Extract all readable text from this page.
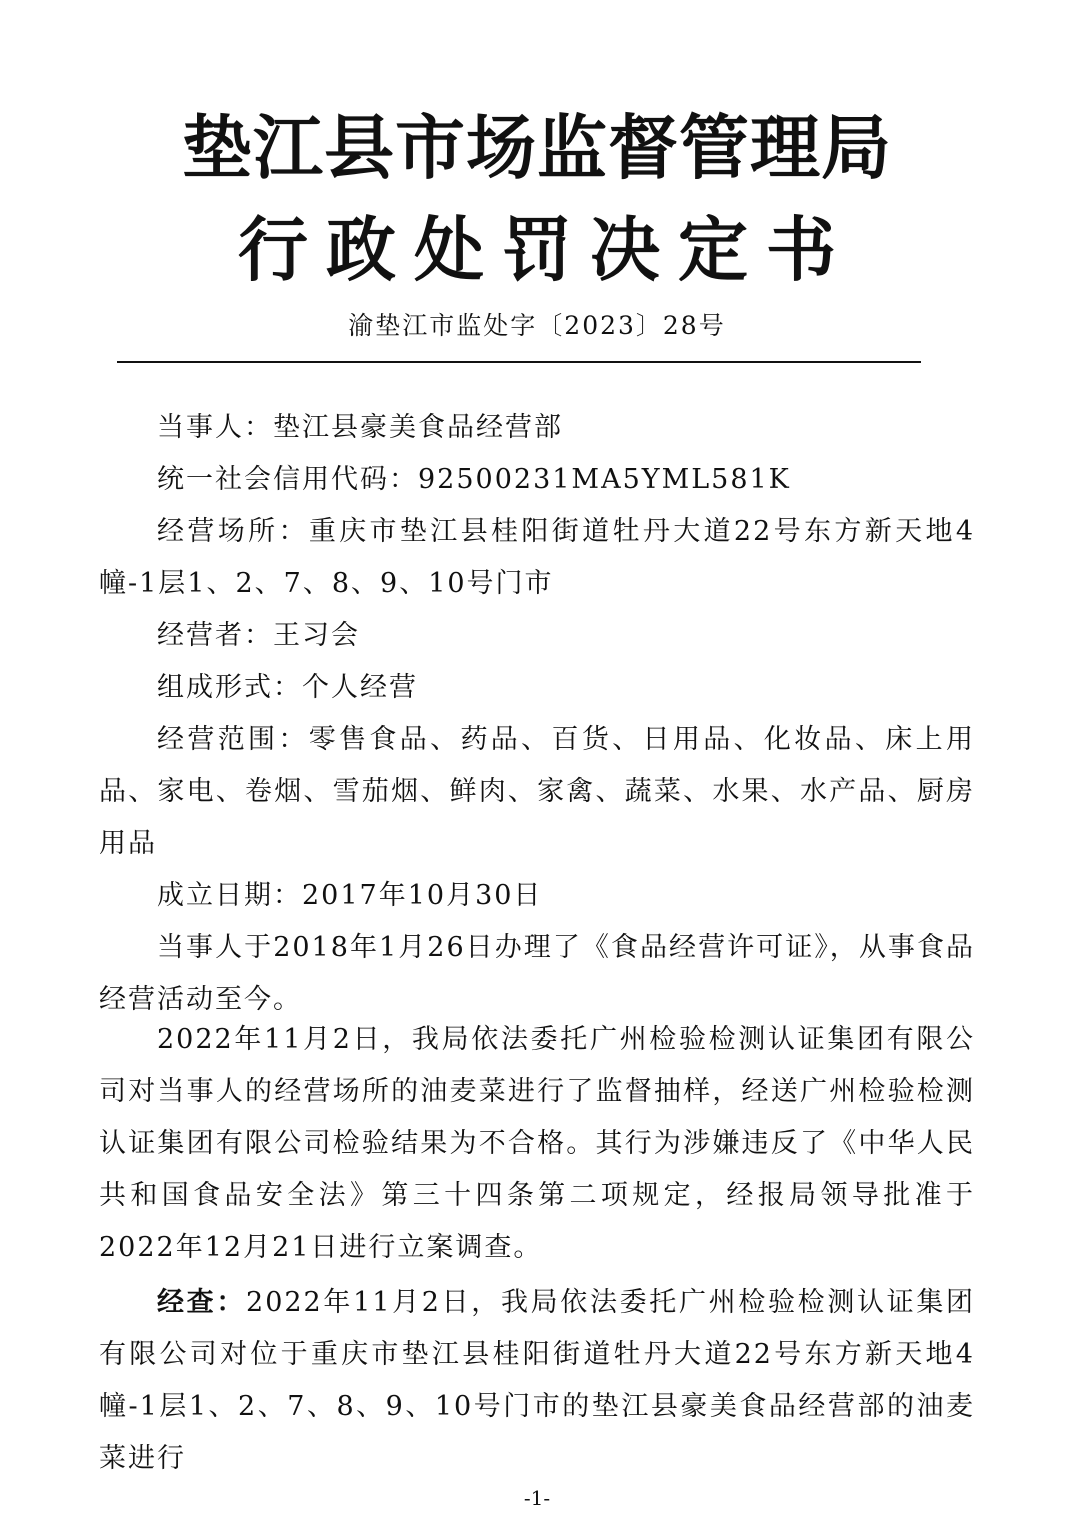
垫江县市场监督管理局
行政处罚决定书
渝垫江市监处字〔2023〕28号

当事人：垫江县豪美食品经营部

统一社会信用代码：92500231MA5YML581K

经营场所：重庆市垫江县桂阳街道牡丹大道22号东方新天地4幢-1层1、2、7、8、9、10号门市

经营者：王习会

组成形式：个人经营

经营范围：零售食品、药品、百货、日用品、化妆品、床上用品、家电、卷烟、雪茄烟、鲜肉、家禽、蔬菜、水果、水产品、厨房用品

成立日期：2017年10月30日

当事人于2018年1月26日办理了《食品经营许可证》，从事食品经营活动至今。

2022年11月2日，我局依法委托广州检验检测认证集团有限公司对当事人的经营场所的油麦菜进行了监督抽样，经送广州检验检测认证集团有限公司检验结果为不合格。其行为涉嫌违反了《中华人民共和国食品安全法》第三十四条第二项规定，经报局领导批准于2022年12月21日进行立案调查。

经查：2022年11月2日，我局依法委托广州检验检测认证集团有限公司对位于重庆市垫江县桂阳街道牡丹大道22号东方新天地4幢-1层1、2、7、8、9、10号门市的垫江县豪美食品经营部的油麦菜进行

-1-
